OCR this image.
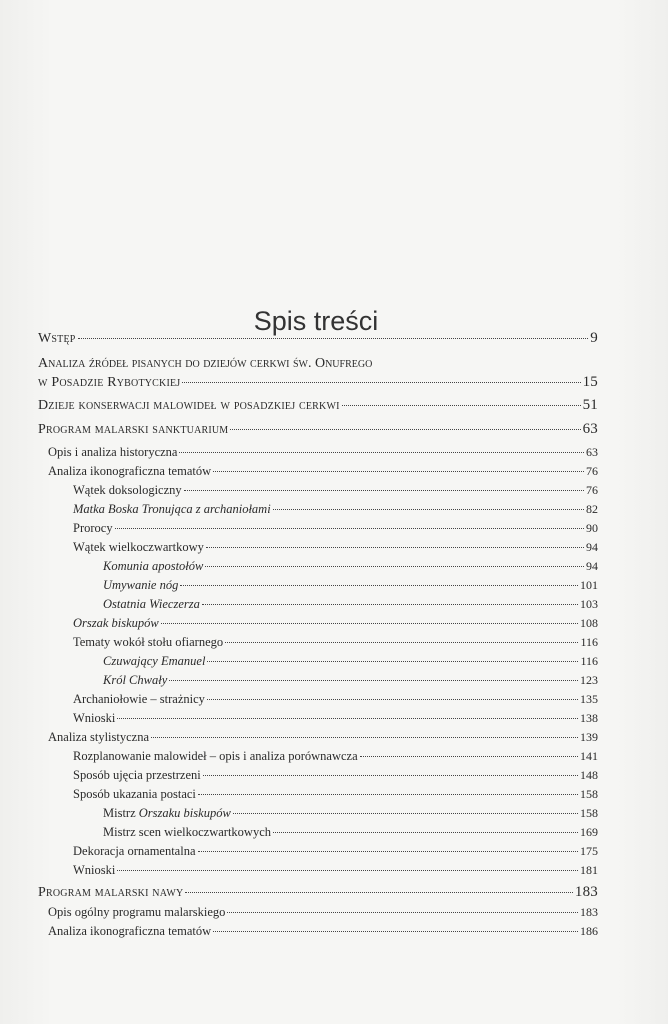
Spis treści
Wstęp	9
Analiza źródeł pisanych do dziejów cerkwi św. Onufrego
w Posadzie Rybotyckiej	15
Dzieje konserwacji malowideł w posadzkiej cerkwi	51
Program malarski sanktuarium	63
Opis i analiza historyczna	63
Analiza ikonograficzna tematów	76
Wątek doksologiczny	76
Matka Boska Tronująca z archaniołami	82
Prorocy	90
Wątek wielkoczwartkowy	94
Komunia apostołów	94
Umywanie nóg	101
Ostatnia Wieczerza	103
Orszak biskupów	108
Tematy wokół stołu ofiarnego	116
Czuwający Emanuel	116
Król Chwały	123
Archaniołowie – strażnicy	135
Wnioski	138
Analiza stylistyczna	139
Rozplanowanie malowideł – opis i analiza porównawcza	141
Sposób ujęcia przestrzeni	148
Sposób ukazania postaci	158
Mistrz Orszaku biskupów	158
Mistrz scen wielkoczwartkowych	169
Dekoracja ornamentalna	175
Wnioski	181
Program malarski nawy	183
Opis ogólny programu malarskiego	183
Analiza ikonograficzna tematów	186
